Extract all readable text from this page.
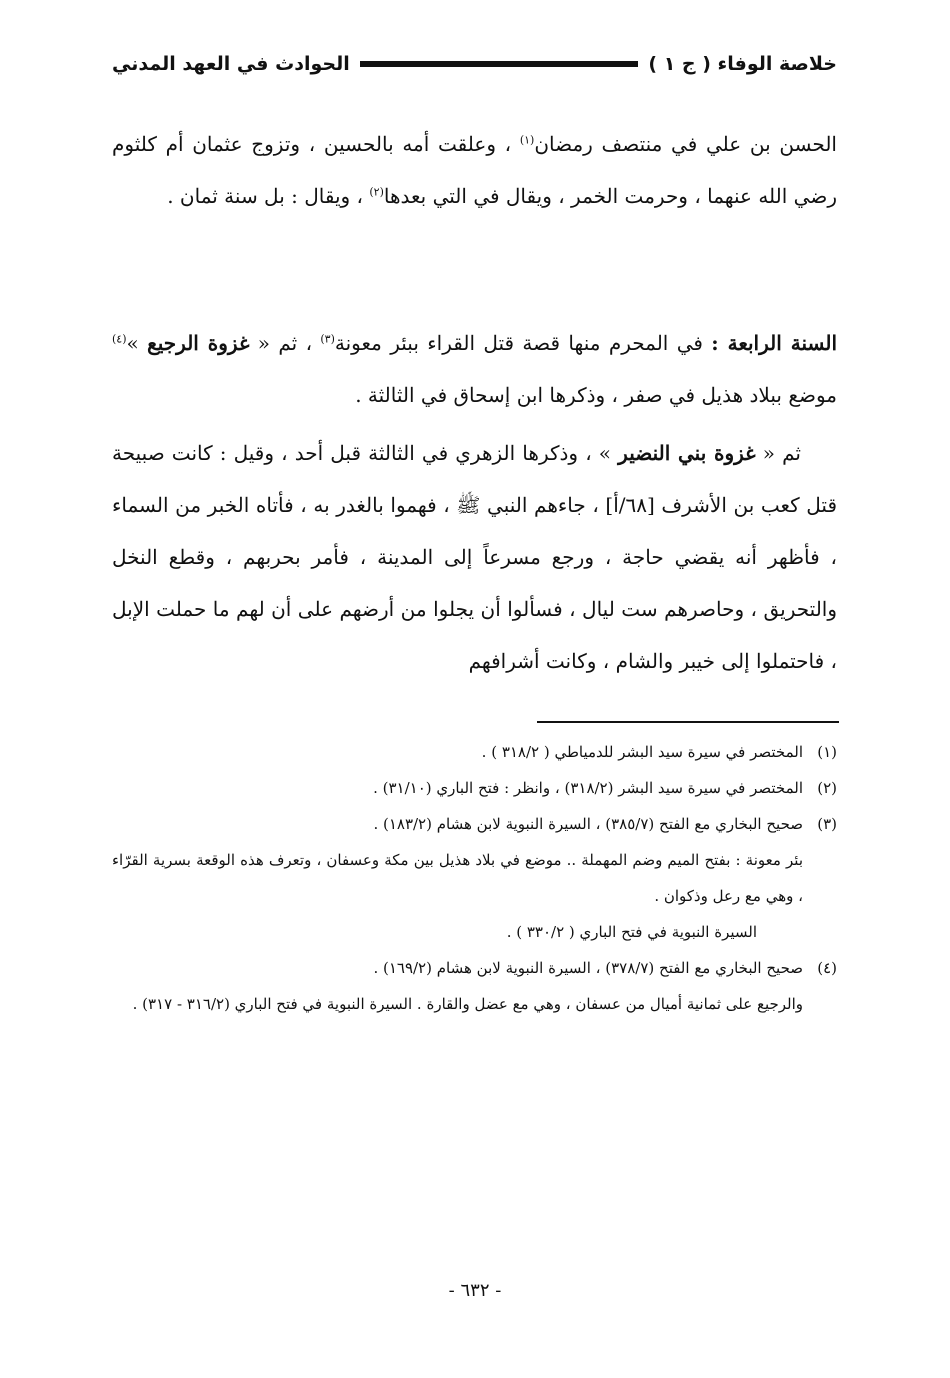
خلاصة الوفاء ( ج ١ )
الحوادث في العهد المدني

الحسن بن علي في منتصف رمضان$^{(١)}$ ، وعلقت أمه بالحسين ، وتزوج عثمان أم كلثوم رضي الله عنهما ، وحرمت الخمر ، ويقال في التي بعدها$^{(٢)}$ ، ويقال : بل سنة ثمان .

السنة الرابعة : في المحرم منها قصة قتل القراء ببئر معونة$^{(٣)}$ ، ثم « غزوة الرجيع »$^{(٤)}$ موضع ببلاد هذيل في صفر ، وذكرها ابن إسحاق في الثالثة .

ثم « غزوة بني النضير » ، وذكرها الزهري في الثالثة قبل أحد ، وقيل : كانت صبيحة قتل كعب بن الأشرف [٦٨/أ] ، جاءهم النبي ﷺ ، فهموا بالغدر به ، فأتاه الخبر من السماء ، فأظهر أنه يقضي حاجة ، ورجع مسرعاً إلى المدينة ، فأمر بحربهم ، وقطع النخل والتحريق ، وحاصرهم ست ليال ، فسألوا أن يجلوا من أرضهم على أن لهم ما حملت الإبل ، فاحتملوا إلى خيبر والشام ، وكانت أشرافهم

(١)
المختصر في سيرة سيد البشر للدمياطي ( ٣١٨/٢ ) .
(٢)
المختصر في سيرة سيد البشر (٣١٨/٢) ، وانظر : فتح الباري (٣١/١٠) .
(٣)
صحيح البخاري مع الفتح (٣٨٥/٧) ، السيرة النبوية لابن هشام (١٨٣/٢) .
بئر معونة : بفتح الميم وضم المهملة .. موضع في بلاد هذيل بين مكة وعسفان ، وتعرف هذه الوقعة بسرية القرّاء ، وهي مع رعل وذكوان .
السيرة النبوية في فتح الباري ( ٣٣٠/٢ ) .
(٤)
صحيح البخاري مع الفتح (٣٧٨/٧) ، السيرة النبوية لابن هشام (١٦٩/٢) .
والرجيع على ثمانية أميال من عسفان ، وهي مع عضل والقارة . السيرة النبوية في فتح الباري (٣١٦/٢ - ٣١٧) .
- ٦٣٢ -
